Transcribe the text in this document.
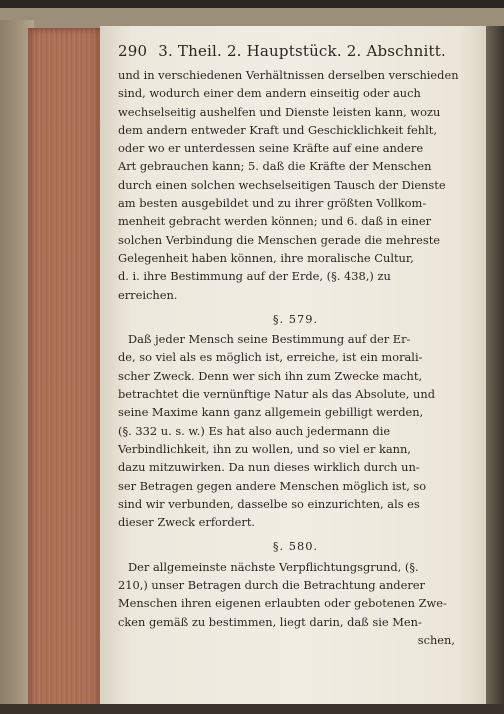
290 3. Theil. 2. Hauptstück. 2. Abschnitt.
und in verschiedenen Verhältnissen derselben verschieden
sind, wodurch einer dem andern einseitig oder auch
wechselseitig aushelfen und Dienste leisten kann, wozu
dem andern entweder Kraft und Geschicklichkeit fehlt,
oder wo er unterdessen seine Kräfte auf eine andere
Art gebrauchen kann; 5. daß die Kräfte der Menschen
durch einen solchen wechselseitigen Tausch der Dienste
am besten ausgebildet und zu ihrer größten Vollkom-
menheit gebracht werden können; und 6. daß in einer
solchen Verbindung die Menschen gerade die mehreste
Gelegenheit haben können, ihre moralische Cultur,
d. i. ihre Bestimmung auf der Erde, (§. 438,) zu
erreichen.
§. 579.
Daß jeder Mensch seine Bestimmung auf der Er-
de, so viel als es möglich ist, erreiche, ist ein morali-
scher Zweck. Denn wer sich ihn zum Zwecke macht,
betrachtet die vernünftige Natur als das Absolute, und
seine Maxime kann ganz allgemein gebilligt werden,
(§. 332 u. s. w.) Es hat also auch jedermann die
Verbindlichkeit, ihn zu wollen, und so viel er kann,
dazu mitzuwirken. Da nun dieses wirklich durch un-
ser Betragen gegen andere Menschen möglich ist, so
sind wir verbunden, dasselbe so einzurichten, als es
dieser Zweck erfordert.
§. 580.
Der allgemeinste nächste Verpflichtungsgrund, (§.
210,) unser Betragen durch die Betrachtung anderer
Menschen ihren eigenen erlaubten oder gebotenen Zwe-
cken gemäß zu bestimmen, liegt darin, daß sie Men-
schen,
